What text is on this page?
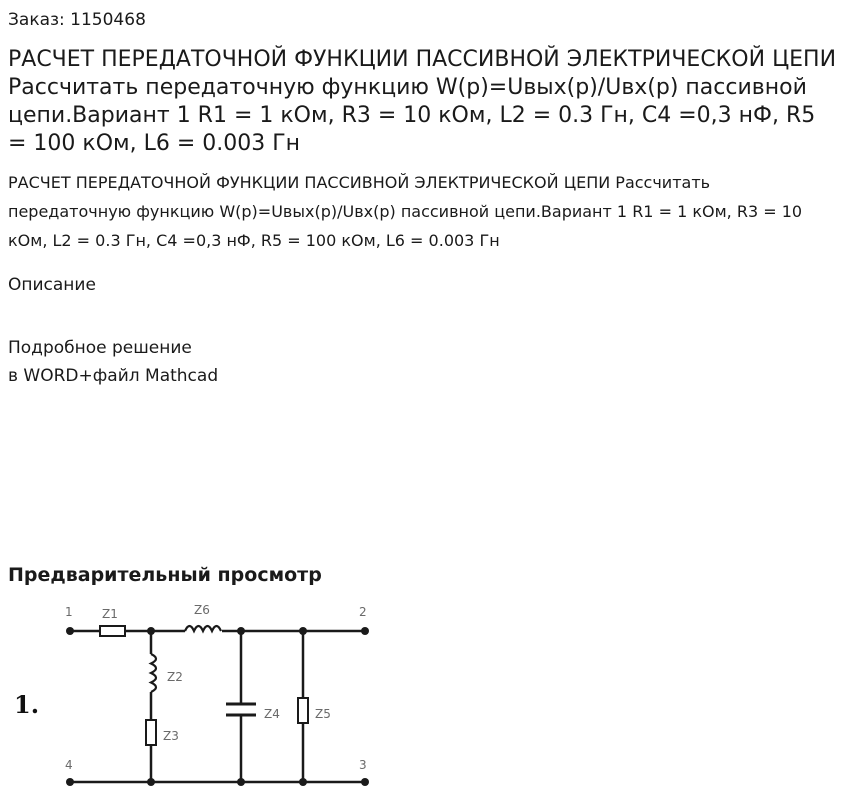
Заказ: 1150468
РАСЧЕТ ПЕРЕДАТОЧНОЙ ФУНКЦИИ ПАССИВНОЙ ЭЛЕКТРИЧЕСКОЙ ЦЕПИ Рассчитать передаточную функцию W(p)=Uвых(p)/Uвх(p) пассивной цепи.Вариант 1 R1 = 1 кОм, R3 = 10 кОм, L2 = 0.3 Гн, C4 =0,3 нФ, R5 = 100 кОм, L6 = 0.003 Гн

РАСЧЕТ ПЕРЕДАТОЧНОЙ ФУНКЦИИ ПАССИВНОЙ ЭЛЕКТРИЧЕСКОЙ ЦЕПИ Рассчитать передаточную функцию W(p)=Uвых(p)/Uвх(p) пассивной цепи.Вариант 1 R1 = 1 кОм, R3 = 10 кОм, L2 = 0.3 Гн, C4 =0,3 нФ, R5 = 100 кОм, L6 = 0.003 Гн

Описание
Подробное решение
в WORD+файл Mathcad
Предварительный просмотр
1	2
3
4
Z1	Z6
Z2
Z3
Z4	Z5
1.
